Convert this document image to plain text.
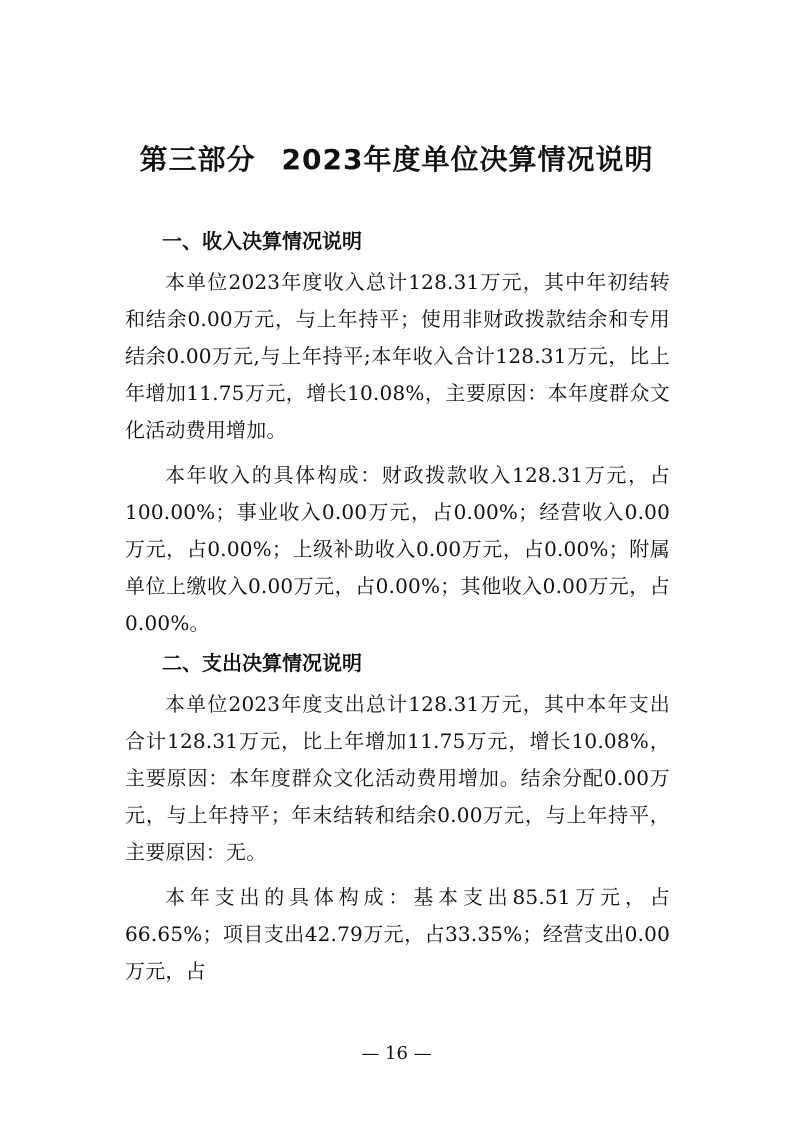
第三部分 2023年度单位决算情况说明
一、收入决算情况说明

本单位2023年度收入总计128.31万元，其中年初结转和结余0.00万元，与上年持平；使用非财政拨款结余和专用结余0.00万元,与上年持平;本年收入合计128.31万元，比上年增加11.75万元，增长10.08%，主要原因：本年度群众文化活动费用增加。

本年收入的具体构成：财政拨款收入128.31万元，占100.00%；事业收入0.00万元，占0.00%；经营收入0.00万元，占0.00%；上级补助收入0.00万元，占0.00%；附属单位上缴收入0.00万元，占0.00%；其他收入0.00万元，占0.00%。

二、支出决算情况说明

本单位2023年度支出总计128.31万元，其中本年支出合计128.31万元，比上年增加11.75万元，增长10.08%，主要原因：本年度群众文化活动费用增加。结余分配0.00万元，与上年持平；年末结转和结余0.00万元，与上年持平，主要原因：无。

本年支出的具体构成：基本支出85.51万元，占66.65%；项目支出42.79万元，占33.35%；经营支出0.00万元，占

— 16 —
